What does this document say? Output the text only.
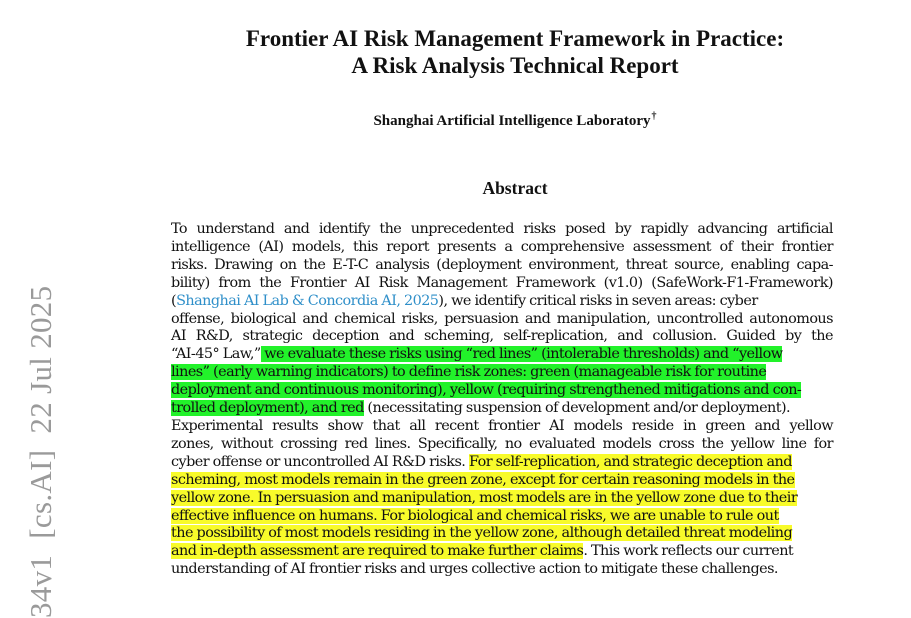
34v1  [cs.AI]  22 Jul 2025
Frontier AI Risk Management Framework in Practice:
A Risk Analysis Technical Report
Shanghai Artificial Intelligence Laboratory†
Abstract
To understand and identify the unprecedented risks posed by rapidly advancing artificial
intelligence (AI) models, this report presents a comprehensive assessment of their frontier
risks. Drawing on the E-T-C analysis (deployment environment, threat source, enabling capa-
bility) from the Frontier AI Risk Management Framework (v1.0) (SafeWork-F1-Framework)
(Shanghai AI Lab & Concordia AI, 2025), we identify critical risks in seven areas: cyber
offense, biological and chemical risks, persuasion and manipulation, uncontrolled autonomous
AI R&D, strategic deception and scheming, self-replication, and collusion. Guided by the
“AI-45° Law,” we evaluate these risks using “red lines” (intolerable thresholds) and “yellow
lines” (early warning indicators) to define risk zones: green (manageable risk for routine
deployment and continuous monitoring), yellow (requiring strengthened mitigations and con-
trolled deployment), and red (necessitating suspension of development and/or deployment).
Experimental results show that all recent frontier AI models reside in green and yellow
zones, without crossing red lines. Specifically, no evaluated models cross the yellow line for
cyber offense or uncontrolled AI R&D risks. For self-replication, and strategic deception and
scheming, most models remain in the green zone, except for certain reasoning models in the
yellow zone. In persuasion and manipulation, most models are in the yellow zone due to their
effective influence on humans. For biological and chemical risks, we are unable to rule out
the possibility of most models residing in the yellow zone, although detailed threat modeling
and in-depth assessment are required to make further claims. This work reflects our current
understanding of AI frontier risks and urges collective action to mitigate these challenges.
